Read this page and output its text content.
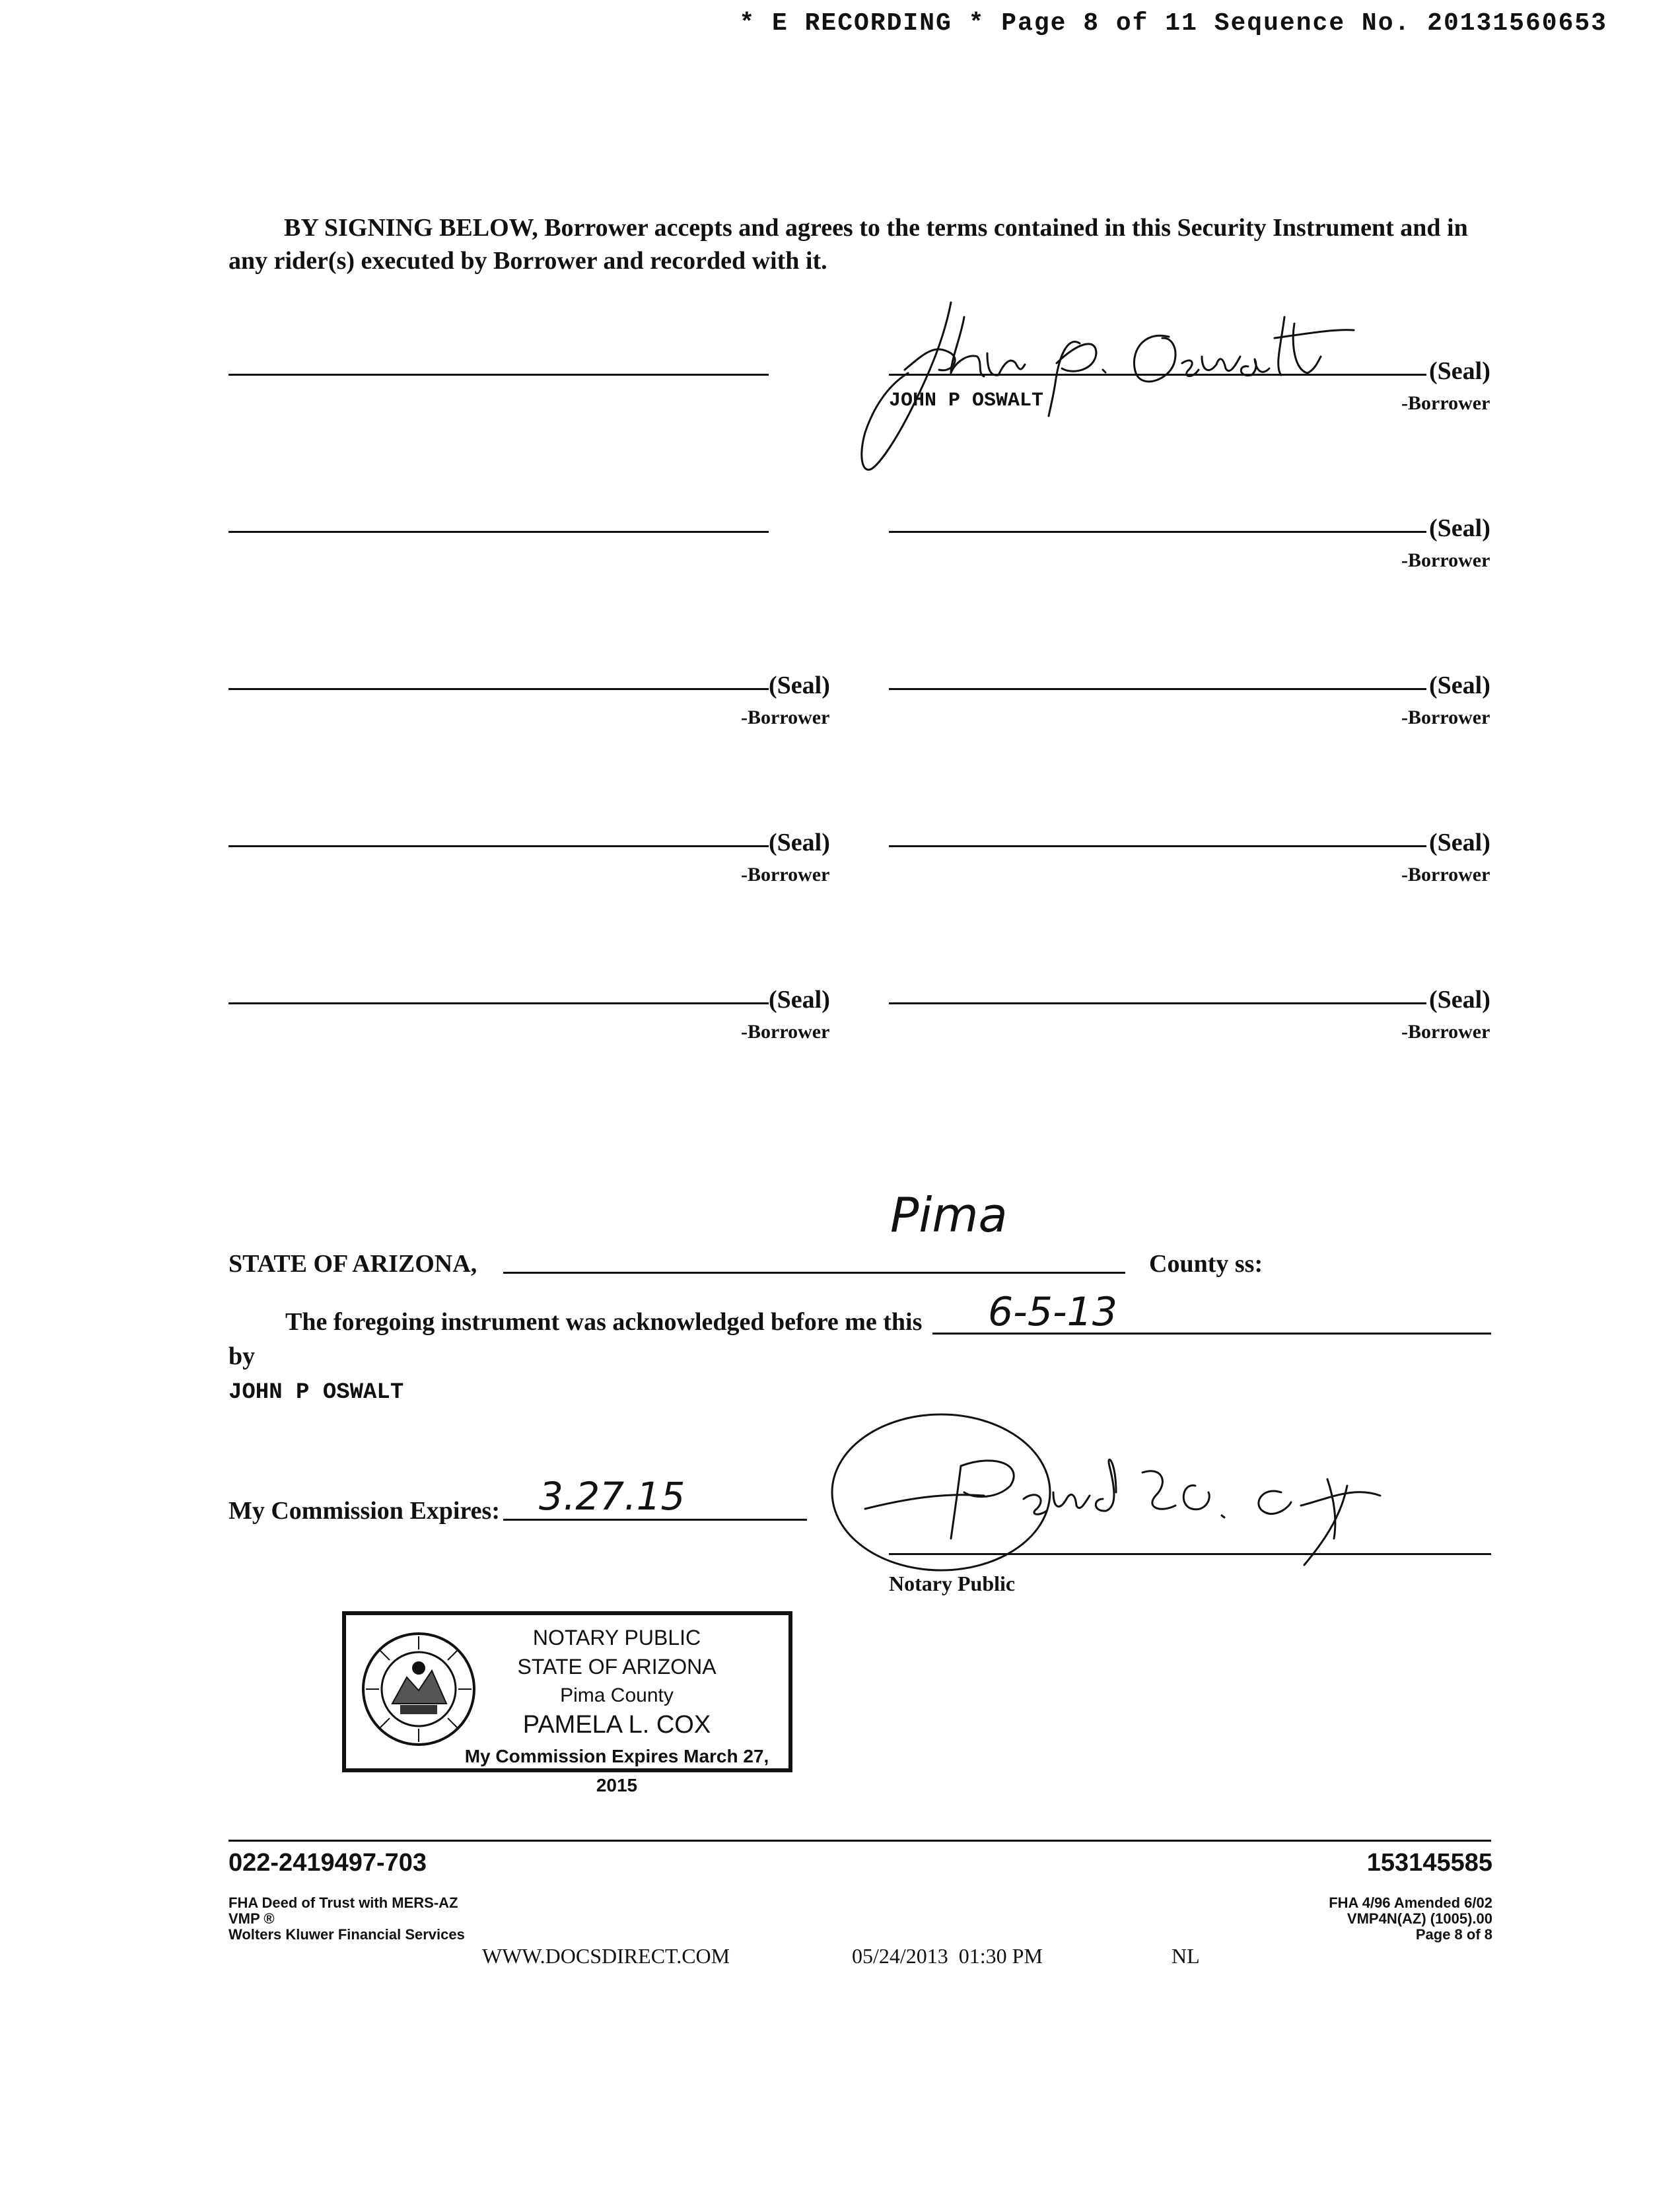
* E RECORDING * Page 8 of 11 Sequence No. 20131560653
BY SIGNING BELOW, Borrower accepts and agrees to the terms contained in this Security Instrument and in any rider(s) executed by Borrower and recorded with it.
(Seal)
-Borrower
JOHN P OSWALT
(Seal)
-Borrower
(Seal)
-Borrower
(Seal)
-Borrower
(Seal)
-Borrower
(Seal)
-Borrower
(Seal)
-Borrower
(Seal)
-Borrower
STATE OF ARIZONA,
Pima
County ss:
The foregoing instrument was acknowledged before me this 6-5-13
by
JOHN P OSWALT
My Commission Expires: 3.27.15
Notary Public
NOTARY PUBLIC
STATE OF ARIZONA
Pima County
PAMELA L. COX
My Commission Expires March 27, 2015
022-2419497-703	153145585
FHA Deed of Trust with MERS-AZ
VMP ®
Wolters Kluwer Financial Services
FHA 4/96 Amended 6/02
VMP4N(AZ) (1005).00
Page 8 of 8
WWW.DOCSDIRECT.COM	05/24/2013  01:30 PM	NL
